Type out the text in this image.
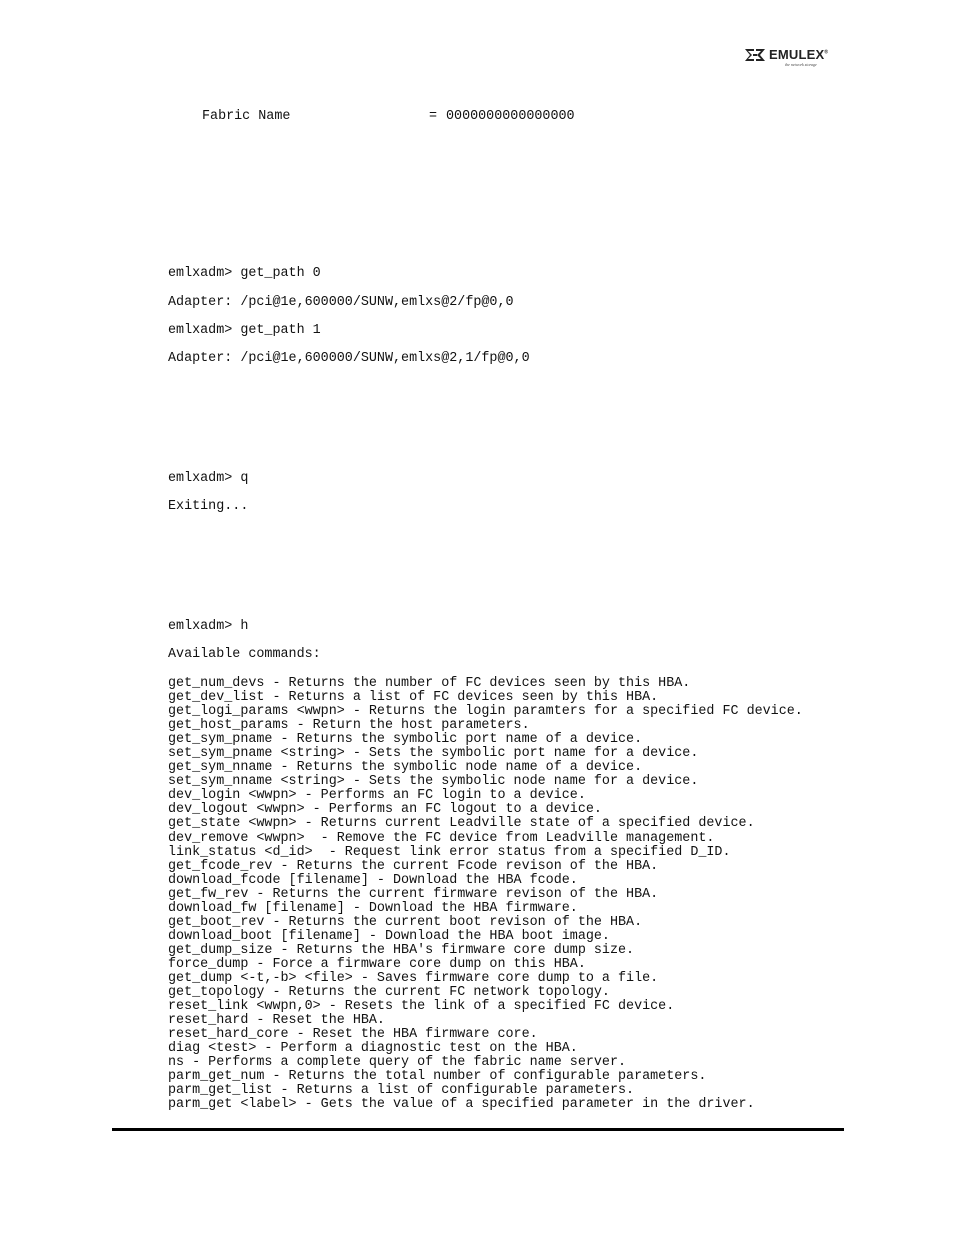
EMULEX®
the network storage
Fabric Name	= 0000000000000000
emlxadm> get_path 0
Adapter: /pci@1e,600000/SUNW,emlxs@2/fp@0,0
emlxadm> get_path 1
Adapter: /pci@1e,600000/SUNW,emlxs@2,1/fp@0,0
emlxadm> q
Exiting...
emlxadm> h
Available commands:
get_num_devs - Returns the number of FC devices seen by this HBA.
get_dev_list - Returns a list of FC devices seen by this HBA.
get_logi_params <wwpn> - Returns the login paramters for a specified FC device.
get_host_params - Return the host parameters.
get_sym_pname - Returns the symbolic port name of a device.
set_sym_pname <string> - Sets the symbolic port name for a device.
get_sym_nname - Returns the symbolic node name of a device.
set_sym_nname <string> - Sets the symbolic node name for a device.
dev_login <wwpn> - Performs an FC login to a device.
dev_logout <wwpn> - Performs an FC logout to a device.
get_state <wwpn> - Returns current Leadville state of a specified device.
dev_remove <wwpn>  - Remove the FC device from Leadville management.
link_status <d_id>  - Request link error status from a specified D_ID.
get_fcode_rev - Returns the current Fcode revison of the HBA.
download_fcode [filename] - Download the HBA fcode.
get_fw_rev - Returns the current firmware revison of the HBA.
download_fw [filename] - Download the HBA firmware.
get_boot_rev - Returns the current boot revison of the HBA.
download_boot [filename] - Download the HBA boot image.
get_dump_size - Returns the HBA's firmware core dump size.
force_dump - Force a firmware core dump on this HBA.
get_dump <-t,-b> <file> - Saves firmware core dump to a file.
get_topology - Returns the current FC network topology.
reset_link <wwpn,0> - Resets the link of a specified FC device.
reset_hard - Reset the HBA.
reset_hard_core - Reset the HBA firmware core.
diag <test> - Perform a diagnostic test on the HBA.
ns - Performs a complete query of the fabric name server.
parm_get_num - Returns the total number of configurable parameters.
parm_get_list - Returns a list of configurable parameters.
parm_get <label> - Gets the value of a specified parameter in the driver.
